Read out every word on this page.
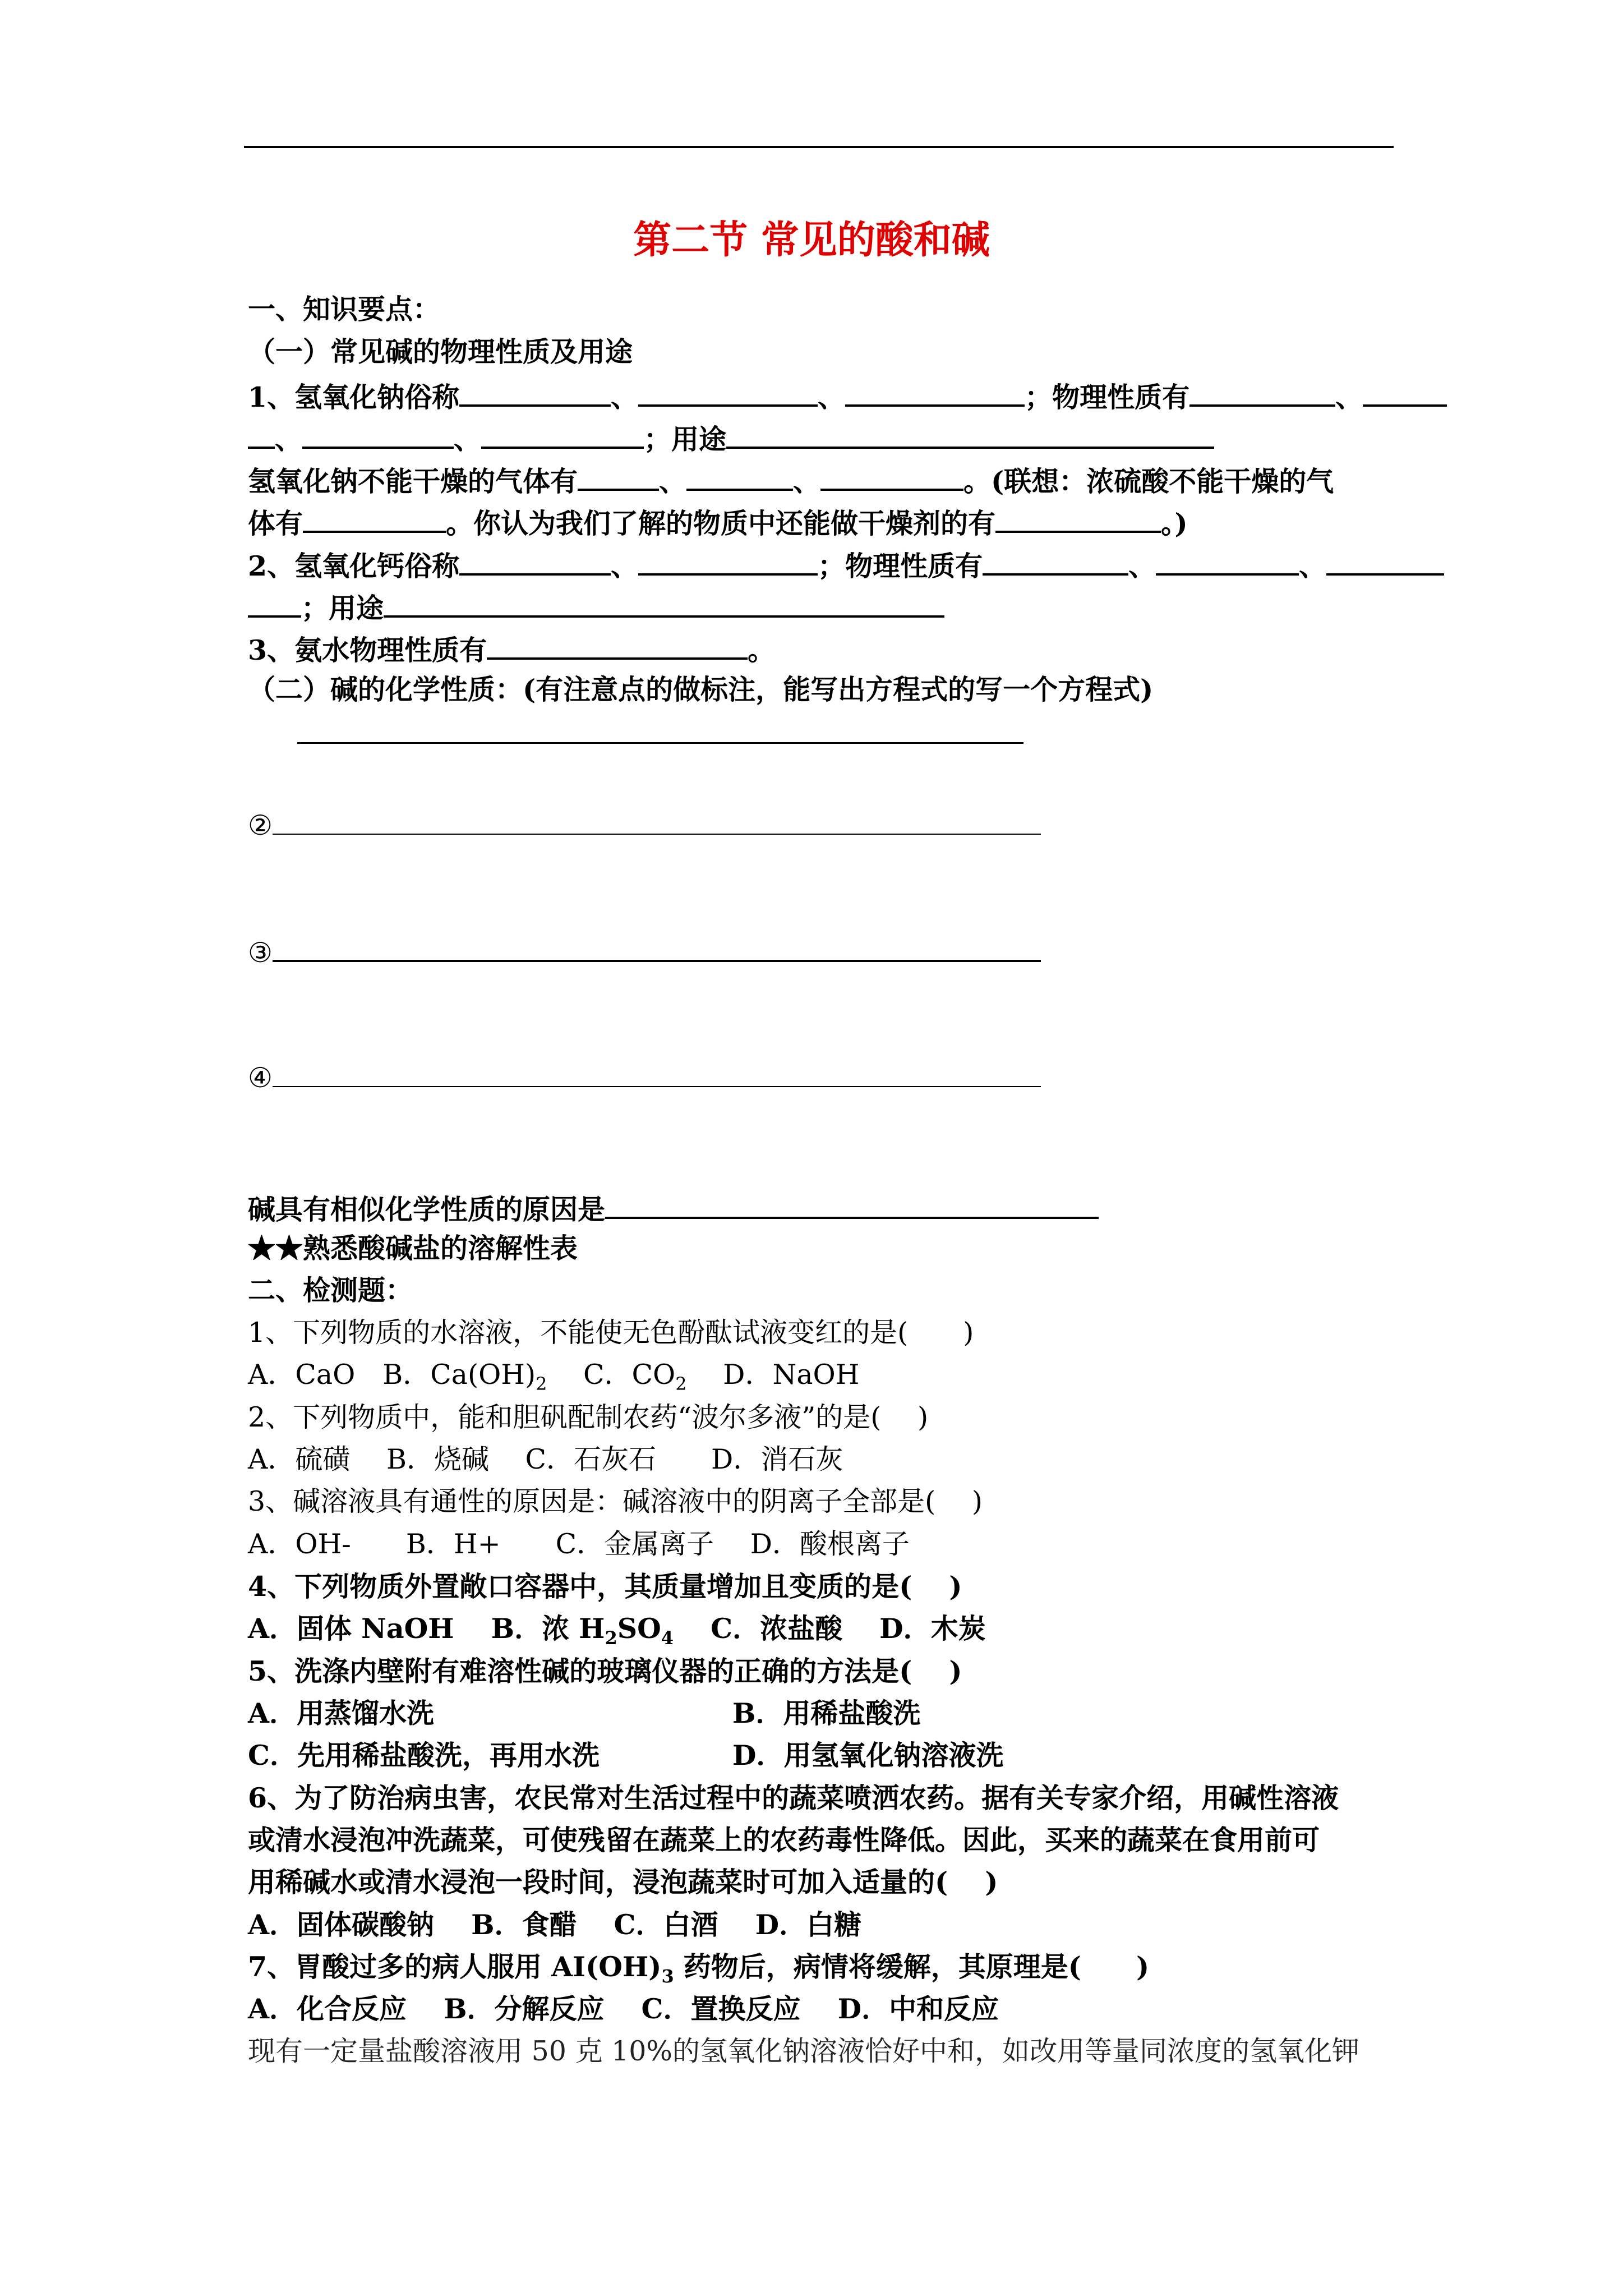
第二节 常见的酸和碱
一、知识要点：
（一）常见碱的物理性质及用途
1、氢氧化钠俗称	、	、	；物理性质有	、
、	、	；用途
氢氧化钠不能干燥的气体有	、	、	。(联想：浓硫酸不能干燥的气
体有	。你认为我们了解的物质中还能做干燥剂的有	。)
2、氢氧化钙俗称	、	；物理性质有	、	、
；用途
3、氨水物理性质有	。
（二）碱的化学性质：(有注意点的做标注，能写出方程式的写一个方程式)
②
③
④
碱具有相似化学性质的原因是
★★熟悉酸碱盐的溶解性表
二、检测题：
1、下列物质的水溶液，不能使无色酚酞试液变红的是(　　)
A．CaO　B．$Ca(OH)_2$　 C．$CO_2$　 D．NaOH
2、下列物质中，能和胆矾配制农药“波尔多液”的是(　 )
A．硫磺　 B．烧碱　 C．石灰石　　D．消石灰
3、碱溶液具有通性的原因是：碱溶液中的阴离子全部是(　 )
A．OH-　　B．H+　　C．金属离子　 D．酸根离子
4、下列物质外置敞口容器中，其质量增加且变质的是(　 )
A．固体 NaOH　 B．浓 $H_2SO_4$　 C．浓盐酸　 D．木炭
5、洗涤内壁附有难溶性碱的玻璃仪器的正确的方法是(　 )
A．用蒸馏水洗	B．用稀盐酸洗
C．先用稀盐酸洗，再用水洗	D．用氢氧化钠溶液洗
6、为了防治病虫害，农民常对生活过程中的蔬菜喷洒农药。据有关专家介绍，用碱性溶液
或清水浸泡冲洗蔬菜，可使残留在蔬菜上的农药毒性降低。因此，买来的蔬菜在食用前可
用稀碱水或清水浸泡一段时间，浸泡蔬菜时可加入适量的(　 )
A．固体碳酸钠　 B．食醋　 C．白酒　 D．白糖
7、胃酸过多的病人服用 $AI(OH)_3$ 药物后，病情将缓解，其原理是(　　)
A．化合反应　 B．分解反应　 C．置换反应　 D．中和反应
现有一定量盐酸溶液用 50 克 10%的氢氧化钠溶液恰好中和，如改用等量同浓度的氢氧化钾
